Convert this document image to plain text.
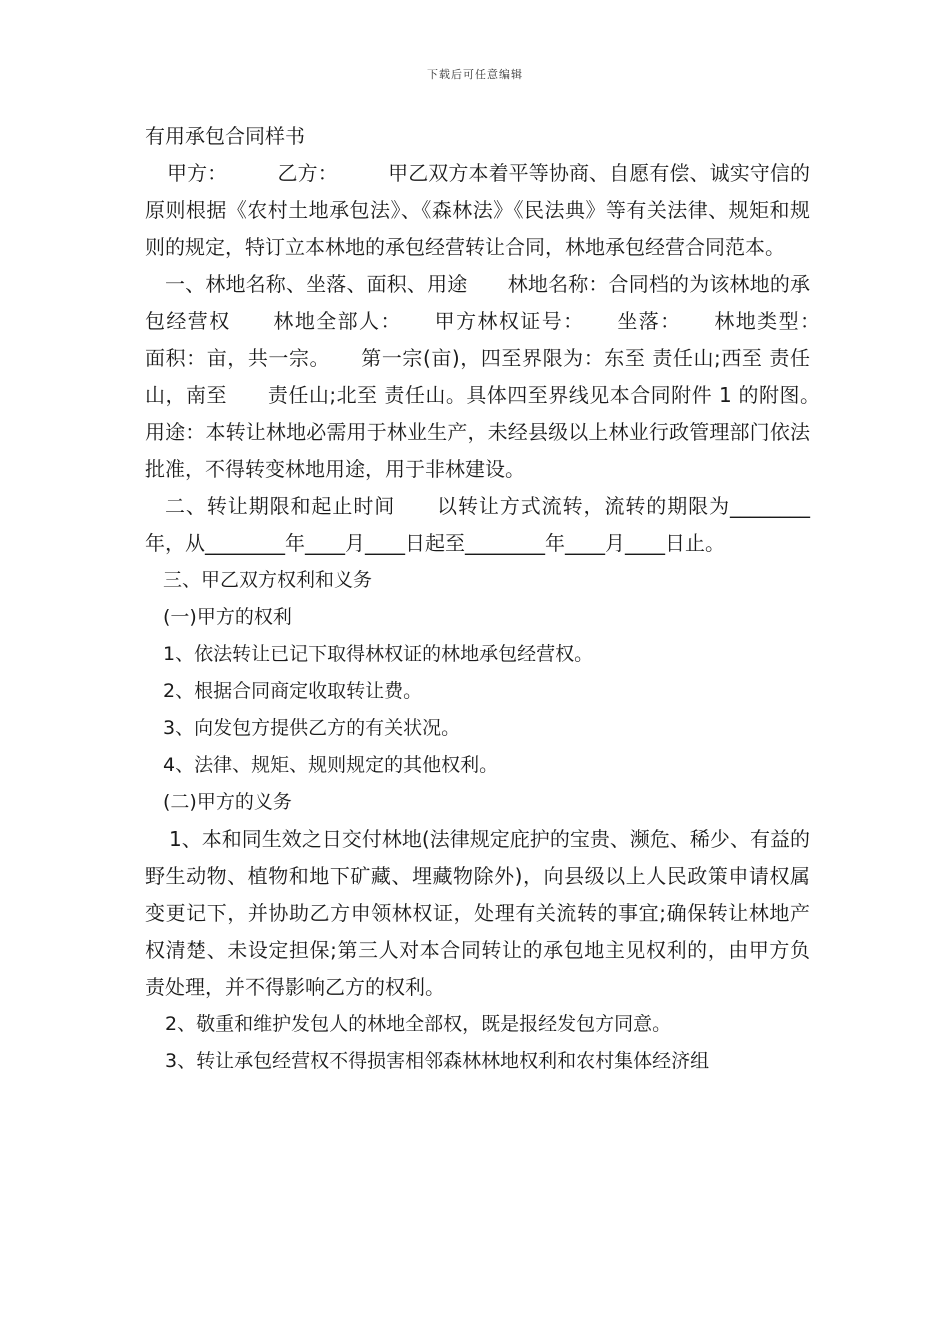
下载后可任意编辑

有用承包合同样书

甲方：　　　乙方：　　　甲乙双方本着平等协商、自愿有偿、诚实守信的原则根据《农村土地承包法》、《森林法》《民法典》等有关法律、规矩和规则的规定，特订立本林地的承包经营转让合同，林地承包经营合同范本。

一、林地名称、坐落、面积、用途　　林地名称：合同档的为该林地的承包经营权　　林地全部人：　　甲方林权证号：　　坐落：　　林地类型：　　面积：亩，共一宗。　　第一宗(亩)，四至界限为：东至 责任山;西至 责任山，南至　　责任山;北至 责任山。具体四至界线见本合同附件 1 的附图。　　用途：本转让林地必需用于林业生产，未经县级以上林业行政管理部门依法批准，不得转变林地用途，用于非林建设。

二、转让期限和起止时间　　以转让方式流转，流转的期限为________年，从________年____月____日起至________年____月____日止。

三、甲乙双方权利和义务

(一)甲方的权利

1、依法转让已记下取得林权证的林地承包经营权。

2、根据合同商定收取转让费。

3、向发包方提供乙方的有关状况。

4、法律、规矩、规则规定的其他权利。

(二)甲方的义务

1、本和同生效之日交付林地(法律规定庇护的宝贵、濒危、稀少、有益的野生动物、植物和地下矿藏、埋藏物除外)，向县级以上人民政策申请权属变更记下，并协助乙方申领林权证，处理有关流转的事宜;确保转让林地产权清楚、未设定担保;第三人对本合同转让的承包地主见权利的，由甲方负责处理，并不得影响乙方的权利。

2、敬重和维护发包人的林地全部权，既是报经发包方同意。

3、转让承包经营权不得损害相邻森林林地权利和农村集体经济组
